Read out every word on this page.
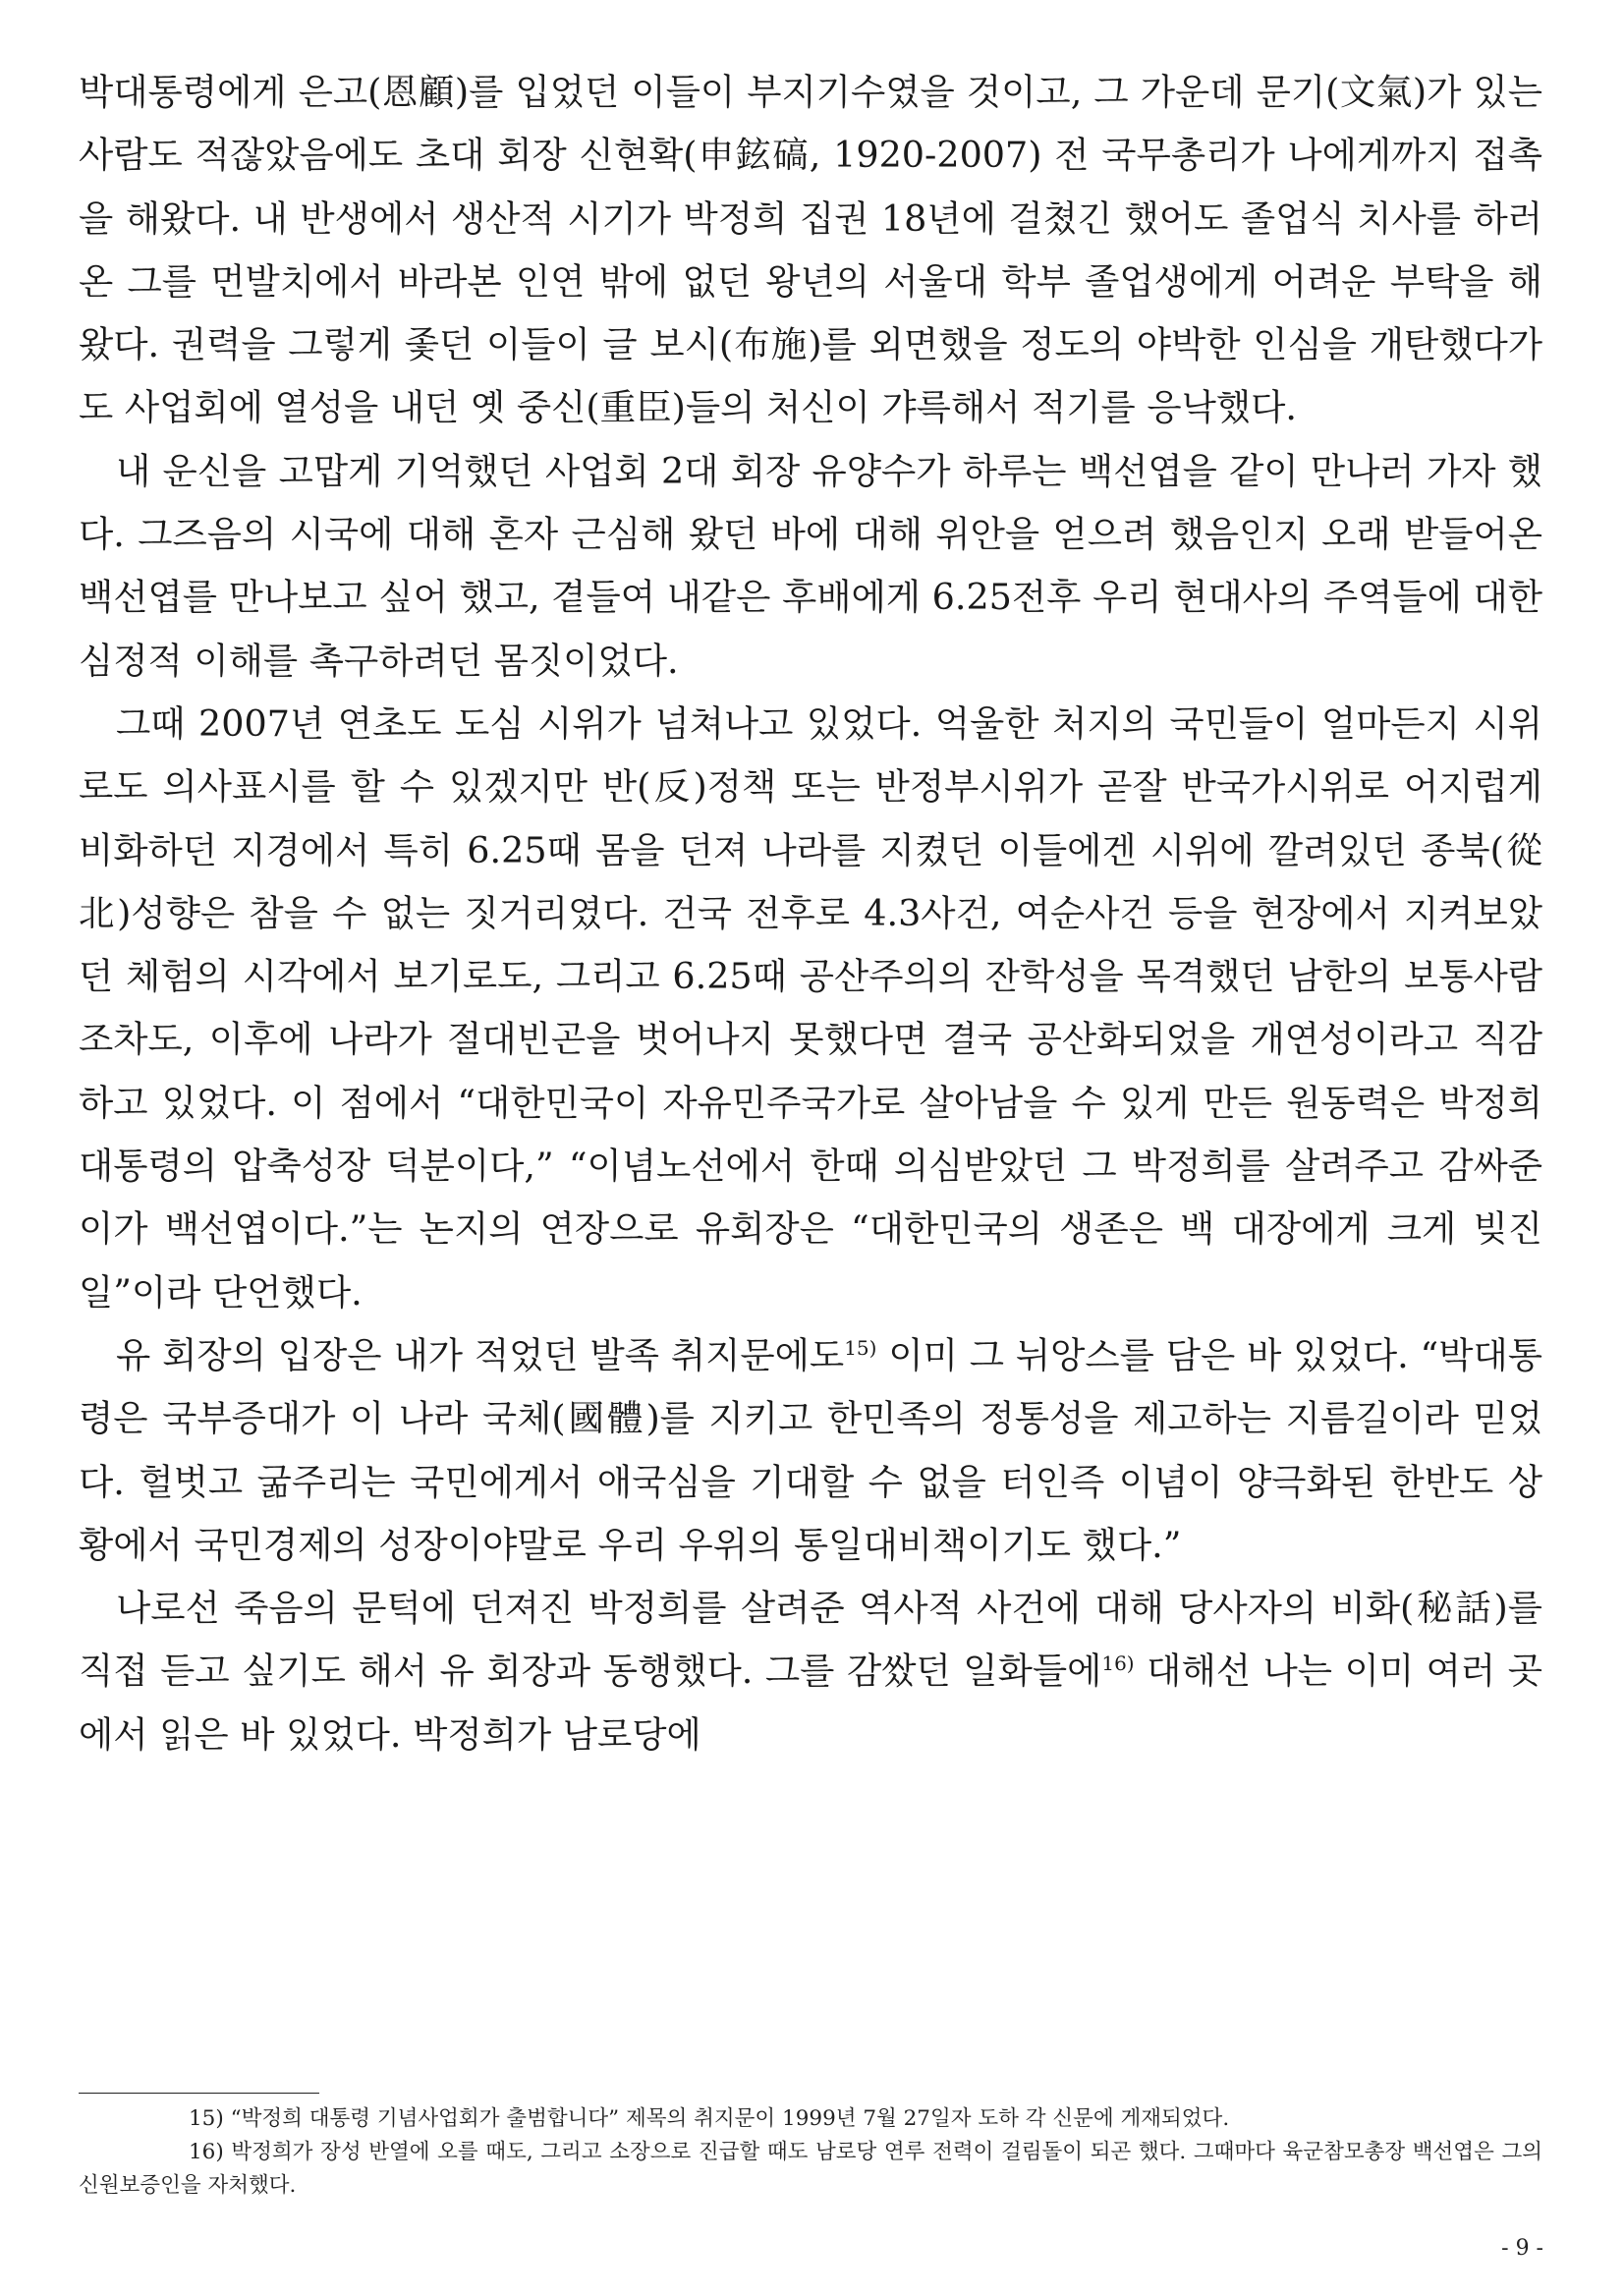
박대통령에게 은고(恩顧)를 입었던 이들이 부지기수였을 것이고, 그 가운데 문기(文氣)가 있는 사람도 적잖았음에도 초대 회장 신현확(申鉉碻, 1920-2007) 전 국무총리가 나에게까지 접촉을 해왔다. 내 반생에서 생산적 시기가 박정희 집권 18년에 걸쳤긴 했어도 졸업식 치사를 하러온 그를 먼발치에서 바라본 인연 밖에 없던 왕년의 서울대 학부 졸업생에게 어려운 부탁을 해왔다. 권력을 그렇게 좇던 이들이 글 보시(布施)를 외면했을 정도의 야박한 인심을 개탄했다가도 사업회에 열성을 내던 옛 중신(重臣)들의 처신이 갸륵해서 적기를 응낙했다.

내 운신을 고맙게 기억했던 사업회 2대 회장 유양수가 하루는 백선엽을 같이 만나러 가자 했다. 그즈음의 시국에 대해 혼자 근심해 왔던 바에 대해 위안을 얻으려 했음인지 오래 받들어온 백선엽를 만나보고 싶어 했고, 곁들여 내같은 후배에게 6.25전후 우리 현대사의 주역들에 대한 심정적 이해를 촉구하려던 몸짓이었다.

그때 2007년 연초도 도심 시위가 넘쳐나고 있었다. 억울한 처지의 국민들이 얼마든지 시위로도 의사표시를 할 수 있겠지만 반(反)정책 또는 반정부시위가 곧잘 반국가시위로 어지럽게 비화하던 지경에서 특히 6.25때 몸을 던져 나라를 지켰던 이들에겐 시위에 깔려있던 종북(從北)성향은 참을 수 없는 짓거리였다. 건국 전후로 4.3사건, 여순사건 등을 현장에서 지켜보았던 체험의 시각에서 보기로도, 그리고 6.25때 공산주의의 잔학성을 목격했던 남한의 보통사람조차도, 이후에 나라가 절대빈곤을 벗어나지 못했다면 결국 공산화되었을 개연성이라고 직감하고 있었다. 이 점에서 “대한민국이 자유민주국가로 살아남을 수 있게 만든 원동력은 박정희 대통령의 압축성장 덕분이다,” “이념노선에서 한때 의심받았던 그 박정희를 살려주고 감싸준 이가 백선엽이다.”는 논지의 연장으로 유회장은 “대한민국의 생존은 백 대장에게 크게 빚진 일”이라 단언했다.

유 회장의 입장은 내가 적었던 발족 취지문에도$^{15)}$ 이미 그 뉘앙스를 담은 바 있었다. “박대통령은 국부증대가 이 나라 국체(國體)를 지키고 한민족의 정통성을 제고하는 지름길이라 믿었다. 헐벗고 굶주리는 국민에게서 애국심을 기대할 수 없을 터인즉 이념이 양극화된 한반도 상황에서 국민경제의 성장이야말로 우리 우위의 통일대비책이기도 했다.”

나로선 죽음의 문턱에 던져진 박정희를 살려준 역사적 사건에 대해 당사자의 비화(秘話)를 직접 듣고 싶기도 해서 유 회장과 동행했다. 그를 감쌌던 일화들에$^{16)}$ 대해선 나는 이미 여러 곳에서 읽은 바 있었다. 박정희가 남로당에

15) “박정희 대통령 기념사업회가 출범합니다” 제목의 취지문이 1999년 7월 27일자 도하 각 신문에 게재되었다.

16) 박정희가 장성 반열에 오를 때도, 그리고 소장으로 진급할 때도 남로당 연루 전력이 걸림돌이 되곤 했다. 그때마다 육군참모총장 백선엽은 그의 신원보증인을 자처했다.

- 9 -
